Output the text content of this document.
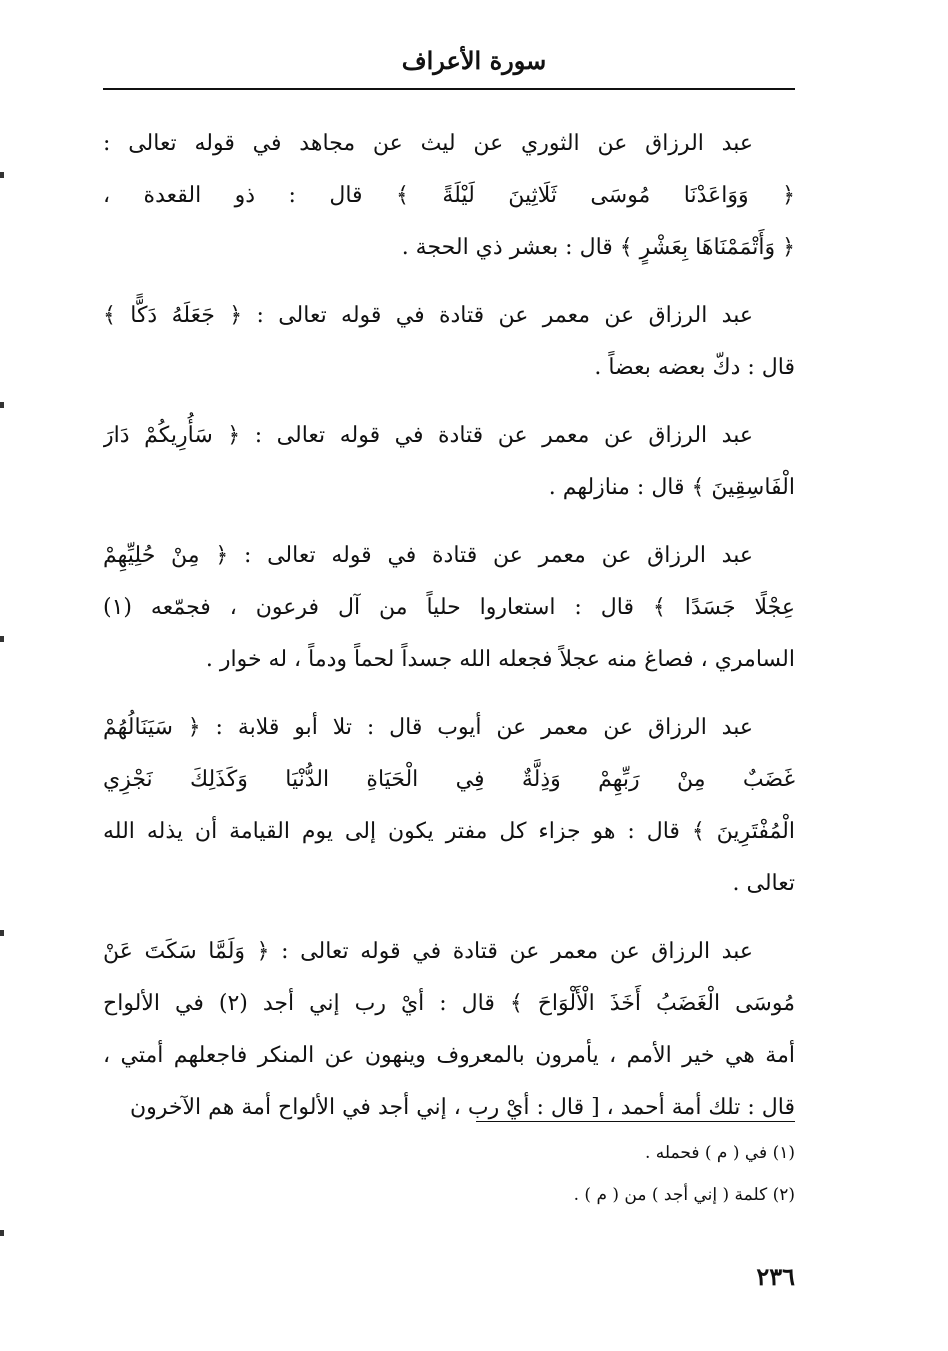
سورة الأعراف
عبد الرزاق عن الثوري عن ليث عن مجاهد في قوله تعالى :
﴿ وَوَاعَدْنَا مُوسَى ثَلَاثِينَ لَيْلَةً ﴾ قال : ذو القعدة ،
﴿ وَأَتْمَمْنَاهَا بِعَشْرٍ ﴾ قال : بعشر ذي الحجة .
عبد الرزاق عن معمر عن قتادة في قوله تعالى : ﴿ جَعَلَهُ دَكًّا ﴾
قال : دكّ بعضه بعضاً .
عبد الرزاق عن معمر عن قتادة في قوله تعالى : ﴿ سَأُرِيكُمْ دَارَ
الْفَاسِقِينَ ﴾ قال : منازلهم .
عبد الرزاق عن معمر عن قتادة في قوله تعالى : ﴿ مِنْ حُلِيِّهِمْ
عِجْلًا جَسَدًا ﴾ قال : استعاروا حلياً من آل فرعون ، فجمّعه (١)
السامري ، فصاغ منه عجلاً فجعله الله جسداً لحماً ودماً ، له خوار .
عبد الرزاق عن معمر عن أيوب قال : تلا أبو قلابة : ﴿ سَيَنَالُهُمْ
غَضَبٌ مِنْ رَبِّهِمْ وَذِلَّةٌ فِي الْحَيَاةِ الدُّنْيَا وَكَذَلِكَ نَجْزِي
الْمُفْتَرِينَ ﴾ قال : هو جزاء كل مفتر يكون إلى يوم القيامة أن يذله الله
تعالى .
عبد الرزاق عن معمر عن قتادة في قوله تعالى : ﴿ وَلَمَّا سَكَتَ عَنْ
مُوسَى الْغَضَبُ أَخَذَ الْأَلْوَاحَ ﴾ قال : أيْ رب إني أجد (٢) في الألواح
أمة هي خير الأمم ، يأمرون بالمعروف وينهون عن المنكر فاجعلهم أمتي ،
قال : تلك أمة أحمد ، [ قال : أيْ رب ، إني أجد في الألواح أمة هم الآخرون
(١) في ( م ) فحمله .
(٢) كلمة ( إني أجد ) من ( م ) .
٢٣٦
